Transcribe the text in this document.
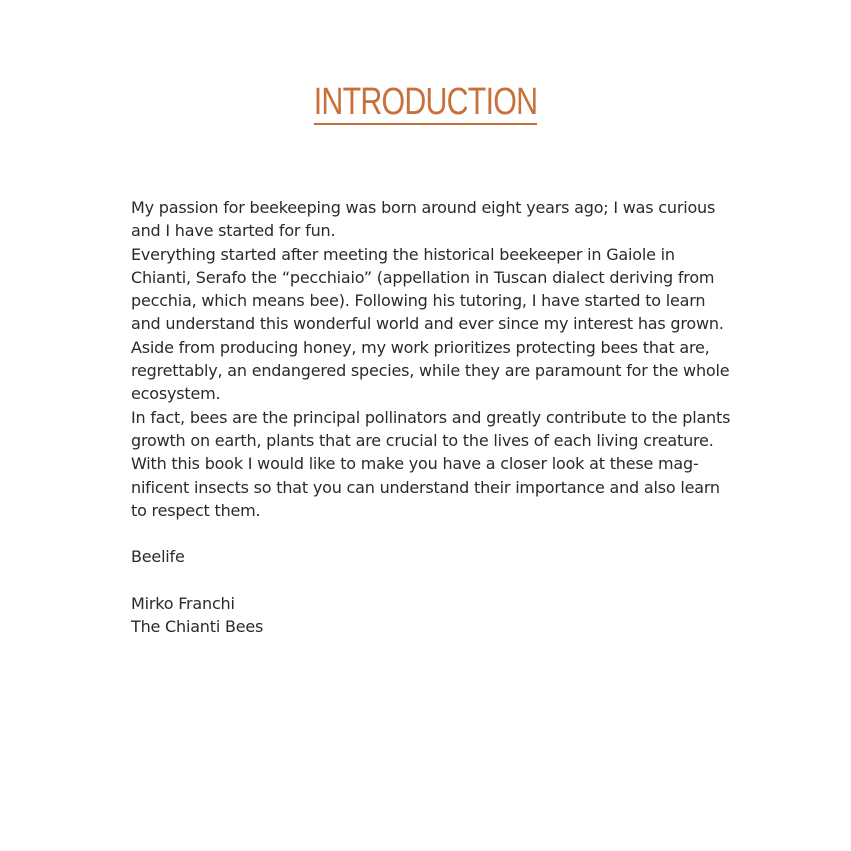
INTRODUCTION

My passion for beekeeping was born around eight years ago; I was curious and I have started for fun.

Everything started after meeting the historical beekeeper in Gaiole in Chianti, Serafo the “pecchiaio” (appellation in Tuscan dialect deriving from pecchia, which means bee). Following his tutoring, I have started to learn and understand this wonderful world and ever since my interest has grown.

Aside from producing honey, my work prioritizes protecting bees that are, regrettably, an endangered species, while they are paramount for the whole ecosystem.

In fact, bees are the principal pollinators and greatly contribute to the plants growth on earth, plants that are crucial to the lives of each living creature.

With this book I would like to make you have a closer look at these mag-nificent insects so that you can understand their importance and also learn to respect them.

Beelife

Mirko Franchi

The Chianti Bees
